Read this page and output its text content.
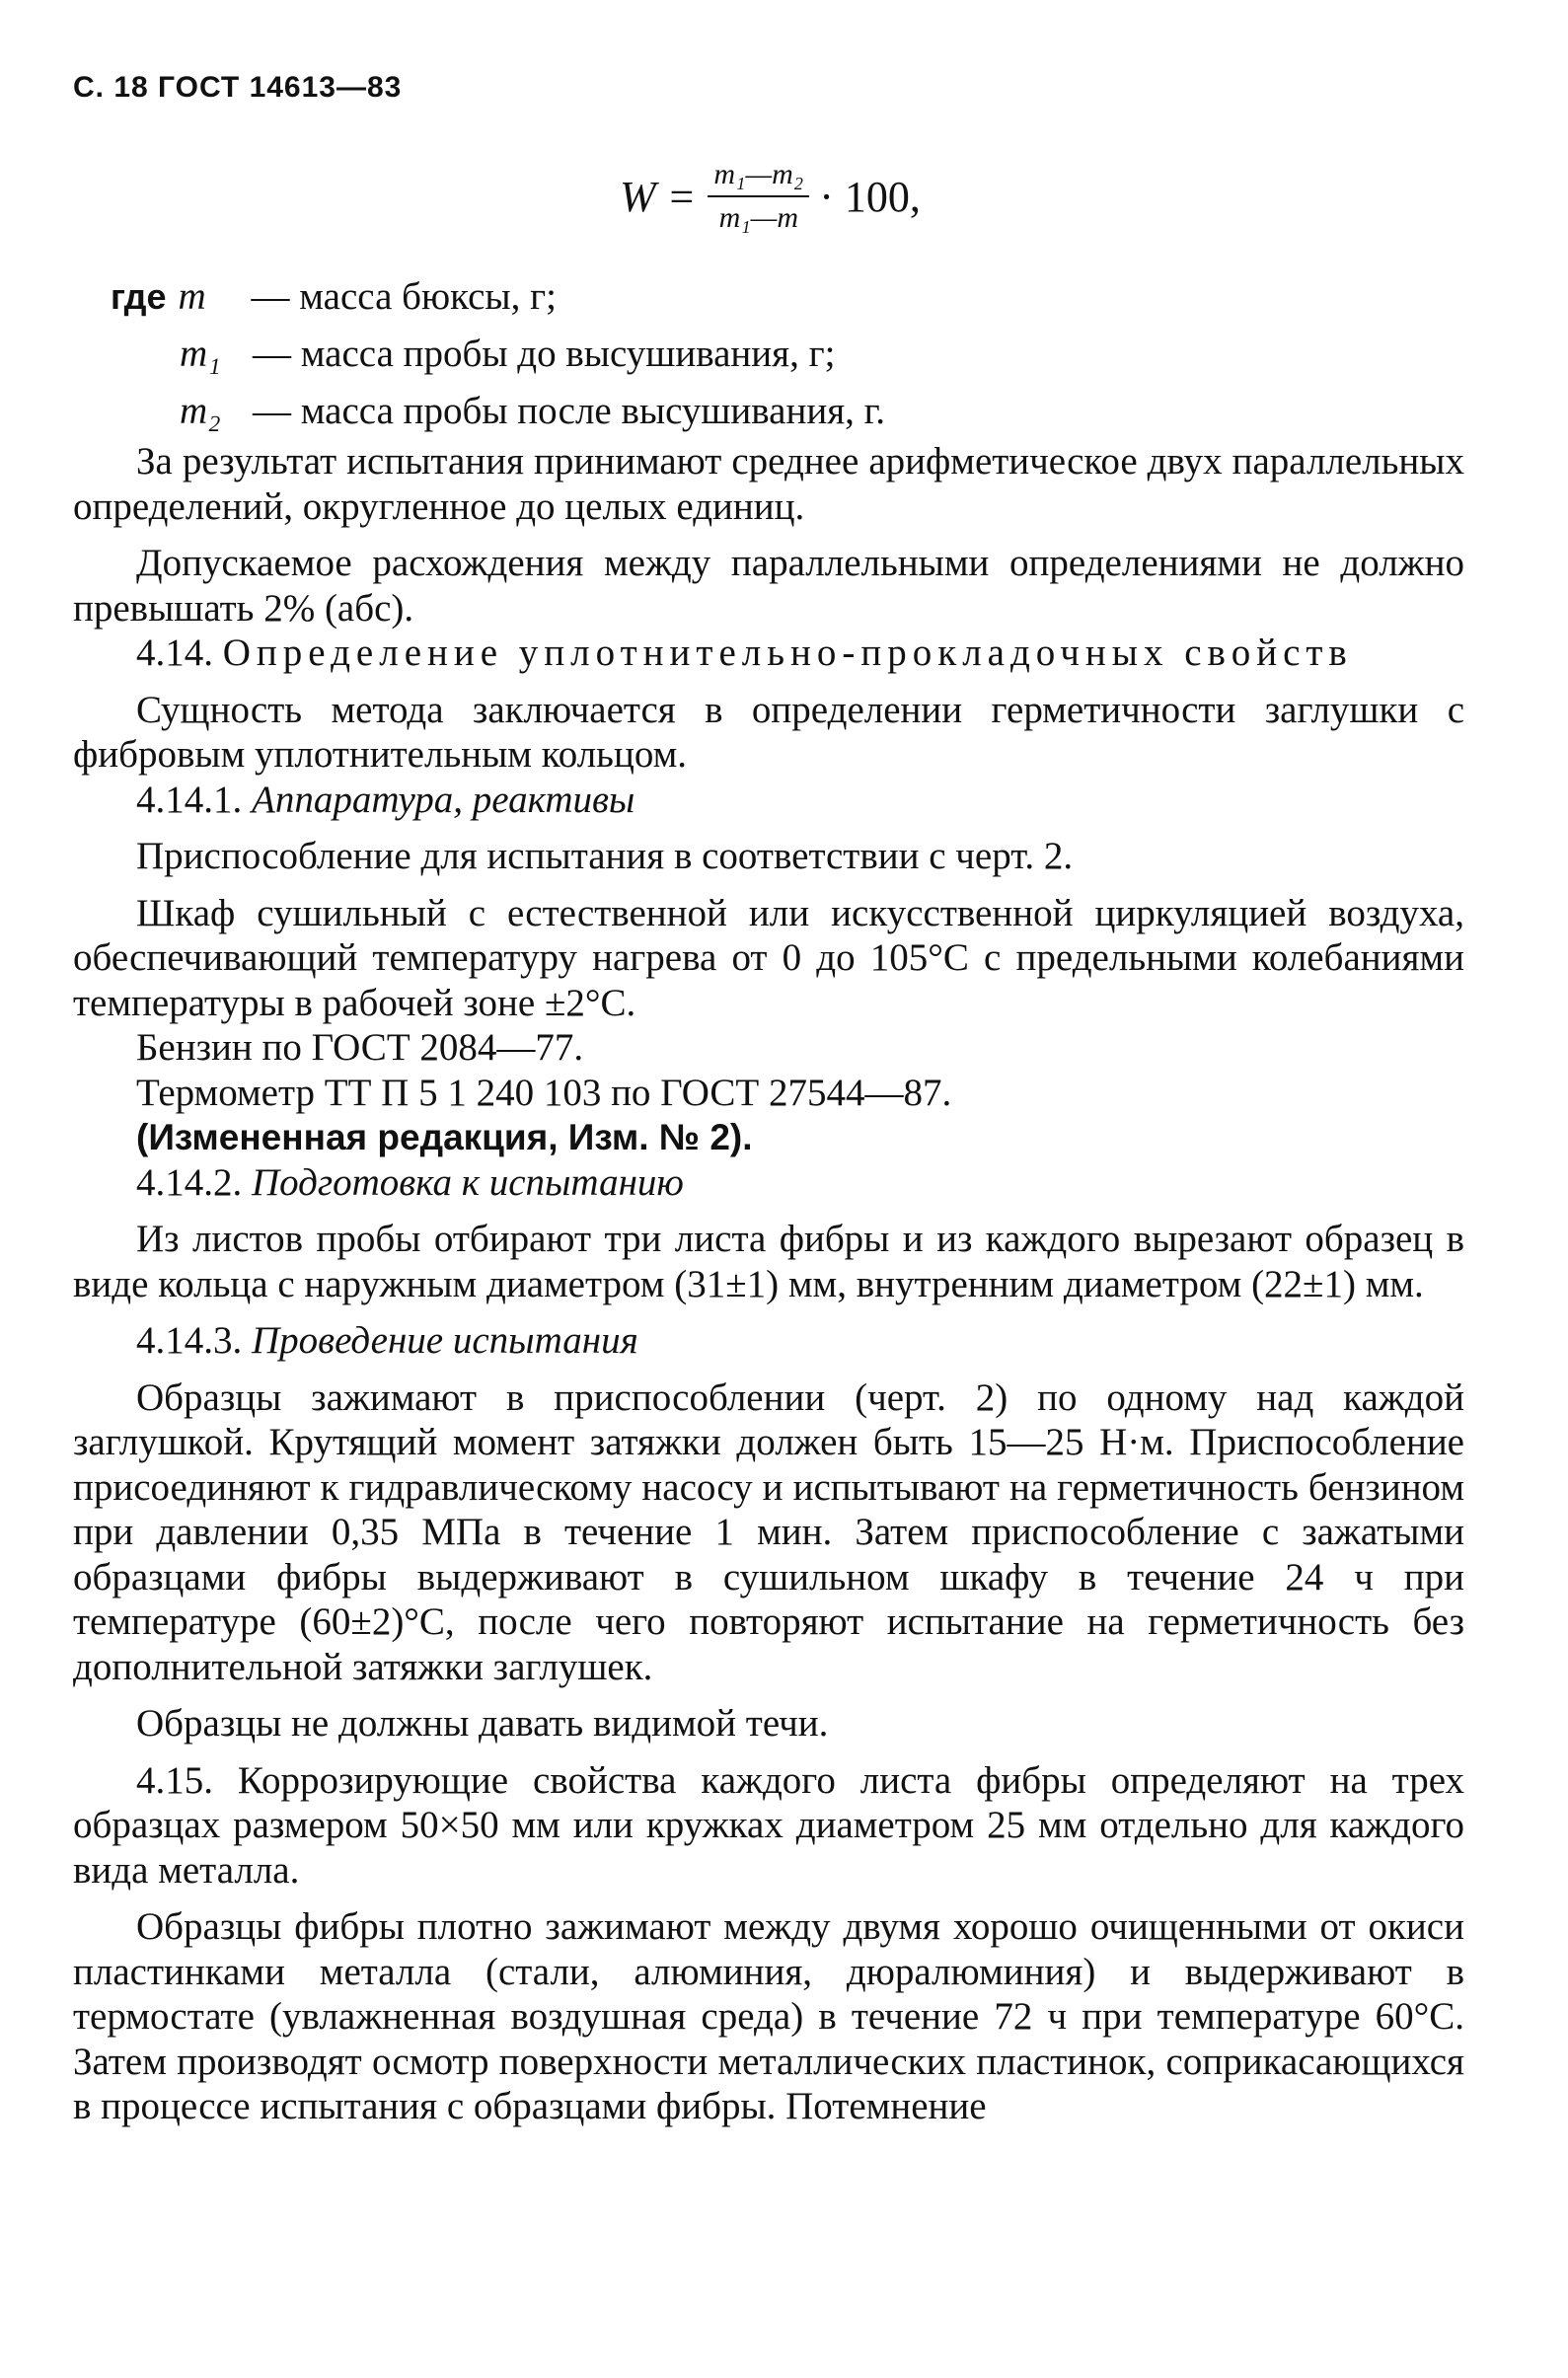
С. 18 ГОСТ 14613—83
$W = \frac{\text{m₁—m₂}}{\text{m₁—m}} \cdot 100$,
где m	— масса бюксы, г;
m₁ — масса пробы до высушивания, г;
m₂ — масса пробы после высушивания, г.

За результат испытания принимают среднее арифметическое двух параллельных определений, округленное до целых единиц.

Допускаемое расхождения между параллельными определениями не должно превышать 2% (абс).

4.14. Определение уплотнительно-прокладочных свойств

Сущность метода заключается в определении герметичности заглушки с фибровым уплотнительным кольцом.

4.14.1. Аппаратура, реактивы

Приспособление для испытания в соответствии с черт. 2.

Шкаф сушильный с естественной или искусственной циркуляцией воздуха, обеспечивающий температуру нагрева от 0 до 105°С с предельными колебаниями температуры в рабочей зоне ±2°С.

Бензин по ГОСТ 2084—77.

Термометр ТТ П 5 1 240 103 по ГОСТ 27544—87.

(Измененная редакция, Изм. № 2).

4.14.2. Подготовка к испытанию

Из листов пробы отбирают три листа фибры и из каждого вырезают образец в виде кольца с наружным диаметром (31±1) мм, внутренним диаметром (22±1) мм.

4.14.3. Проведение испытания

Образцы зажимают в приспособлении (черт. 2) по одному над каждой заглушкой. Крутящий момент затяжки должен быть 15—25 Н·м. Приспособление присоединяют к гидравлическому насосу и испытывают на герметичность бензином при давлении 0,35 МПа в течение 1 мин. Затем приспособление с зажатыми образцами фибры выдерживают в сушильном шкафу в течение 24 ч при температуре (60±2)°С, после чего повторяют испытание на герметичность без дополнительной затяжки заглушек.

Образцы не должны давать видимой течи.

4.15. Коррозирующие свойства каждого листа фибры определяют на трех образцах размером 50×50 мм или кружках диаметром 25 мм отдельно для каждого вида металла.

Образцы фибры плотно зажимают между двумя хорошо очищенными от окиси пластинками металла (стали, алюминия, дюралюминия) и выдерживают в термостате (увлажненная воздушная среда) в течение 72 ч при температуре 60°С. Затем производят осмотр поверхности металлических пластинок, соприкасающихся в процессе испытания с образцами фибры. Потемнение
